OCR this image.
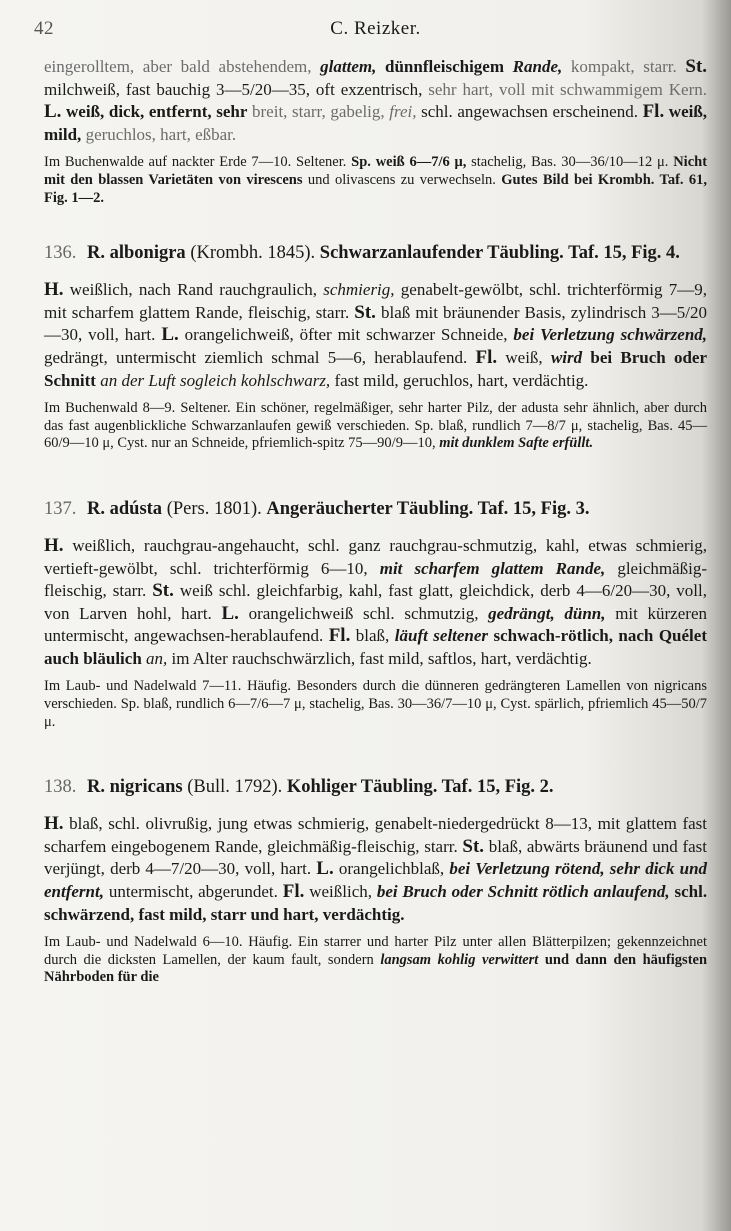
42	C. Reizker.

eingerolltem, aber bald abstehendem, glattem, dünnfleischigem Rande, kompakt, starr. St. milchweiß, fast bauchig 3—5/20—35, oft exzentrisch, sehr hart, voll mit schwammigem Kern. L. weiß, dick, entfernt, sehr breit, starr, gabelig, frei, schl. angewachsen erscheinend. Fl. weiß, mild, geruchlos, hart, eßbar.

Im Buchenwalde auf nackter Erde 7—10. Seltener. Sp. weiß 6—7/6 μ, stachelig, Bas. 30—36/10—12 μ. Nicht mit den blassen Varietäten von virescens und olivascens zu verwechseln. Gutes Bild bei Krombh. Taf. 61, Fig. 1—2.

136. R. albonigra (Krombh. 1845). Schwarzanlaufender Täubling. Taf. 15, Fig. 4.

H. weißlich, nach Rand rauchgraulich, schmierig, genabelt-gewölbt, schl. trichterförmig 7—9, mit scharfem glattem Rande, fleischig, starr. St. blaß mit bräunender Basis, zylindrisch 3—5/20—30, voll, hart. L. orangelichweiß, öfter mit schwarzer Schneide, bei Verletzung schwärzend, gedrängt, untermischt ziemlich schmal 5—6, herablaufend. Fl. weiß, wird bei Bruch oder Schnitt an der Luft sogleich kohlschwarz, fast mild, geruchlos, hart, verdächtig.

Im Buchenwald 8—9. Seltener. Ein schöner, regelmäßiger, sehr harter Pilz, der adusta sehr ähnlich, aber durch das fast augenblickliche Schwarzanlaufen gewiß verschieden. Sp. blaß, rundlich 7—8/7 μ, stachelig, Bas. 45—60/9—10 μ, Cyst. nur an Schneide, pfriemlich-spitz 75—90/9—10, mit dunklem Safte erfüllt.

137. R. adústa (Pers. 1801). Angeräucherter Täubling. Taf. 15, Fig. 3.

H. weißlich, rauchgrau-angehaucht, schl. ganz rauchgrau-schmutzig, kahl, etwas schmierig, vertieft-gewölbt, schl. trichterförmig 6—10, mit scharfem glattem Rande, gleichmäßig-fleischig, starr. St. weiß schl. gleichfarbig, kahl, fast glatt, gleichdick, derb 4—6/20—30, voll, von Larven hohl, hart. L. orangelichweiß schl. schmutzig, gedrängt, dünn, mit kürzeren untermischt, angewachsen-herablaufend. Fl. blaß, läuft seltener schwach-rötlich, nach Quélet auch bläulich an, im Alter rauchschwärzlich, fast mild, saftlos, hart, verdächtig.

Im Laub- und Nadelwald 7—11. Häufig. Besonders durch die dünneren gedrängteren Lamellen von nigricans verschieden. Sp. blaß, rundlich 6—7/6—7 μ, stachelig, Bas. 30—36/7—10 μ, Cyst. spärlich, pfriemlich 45—50/7 μ.

138. R. nigricans (Bull. 1792). Kohliger Täubling. Taf. 15, Fig. 2.

H. blaß, schl. olivrußig, jung etwas schmierig, genabelt-niedergedrückt 8—13, mit glattem fast scharfem eingebogenem Rande, gleichmäßig-fleischig, starr. St. blaß, abwärts bräunend und fast verjüngt, derb 4—7/20—30, voll, hart. L. orangelichblaß, bei Verletzung rötend, sehr dick und entfernt, untermischt, abgerundet. Fl. weißlich, bei Bruch oder Schnitt rötlich anlaufend, schl. schwärzend, fast mild, starr und hart, verdächtig.

Im Laub- und Nadelwald 6—10. Häufig. Ein starrer und harter Pilz unter allen Blätterpilzen; gekennzeichnet durch die dicksten Lamellen, der kaum fault, sondern langsam kohlig verwittert und dann den häufigsten Nährboden für die
